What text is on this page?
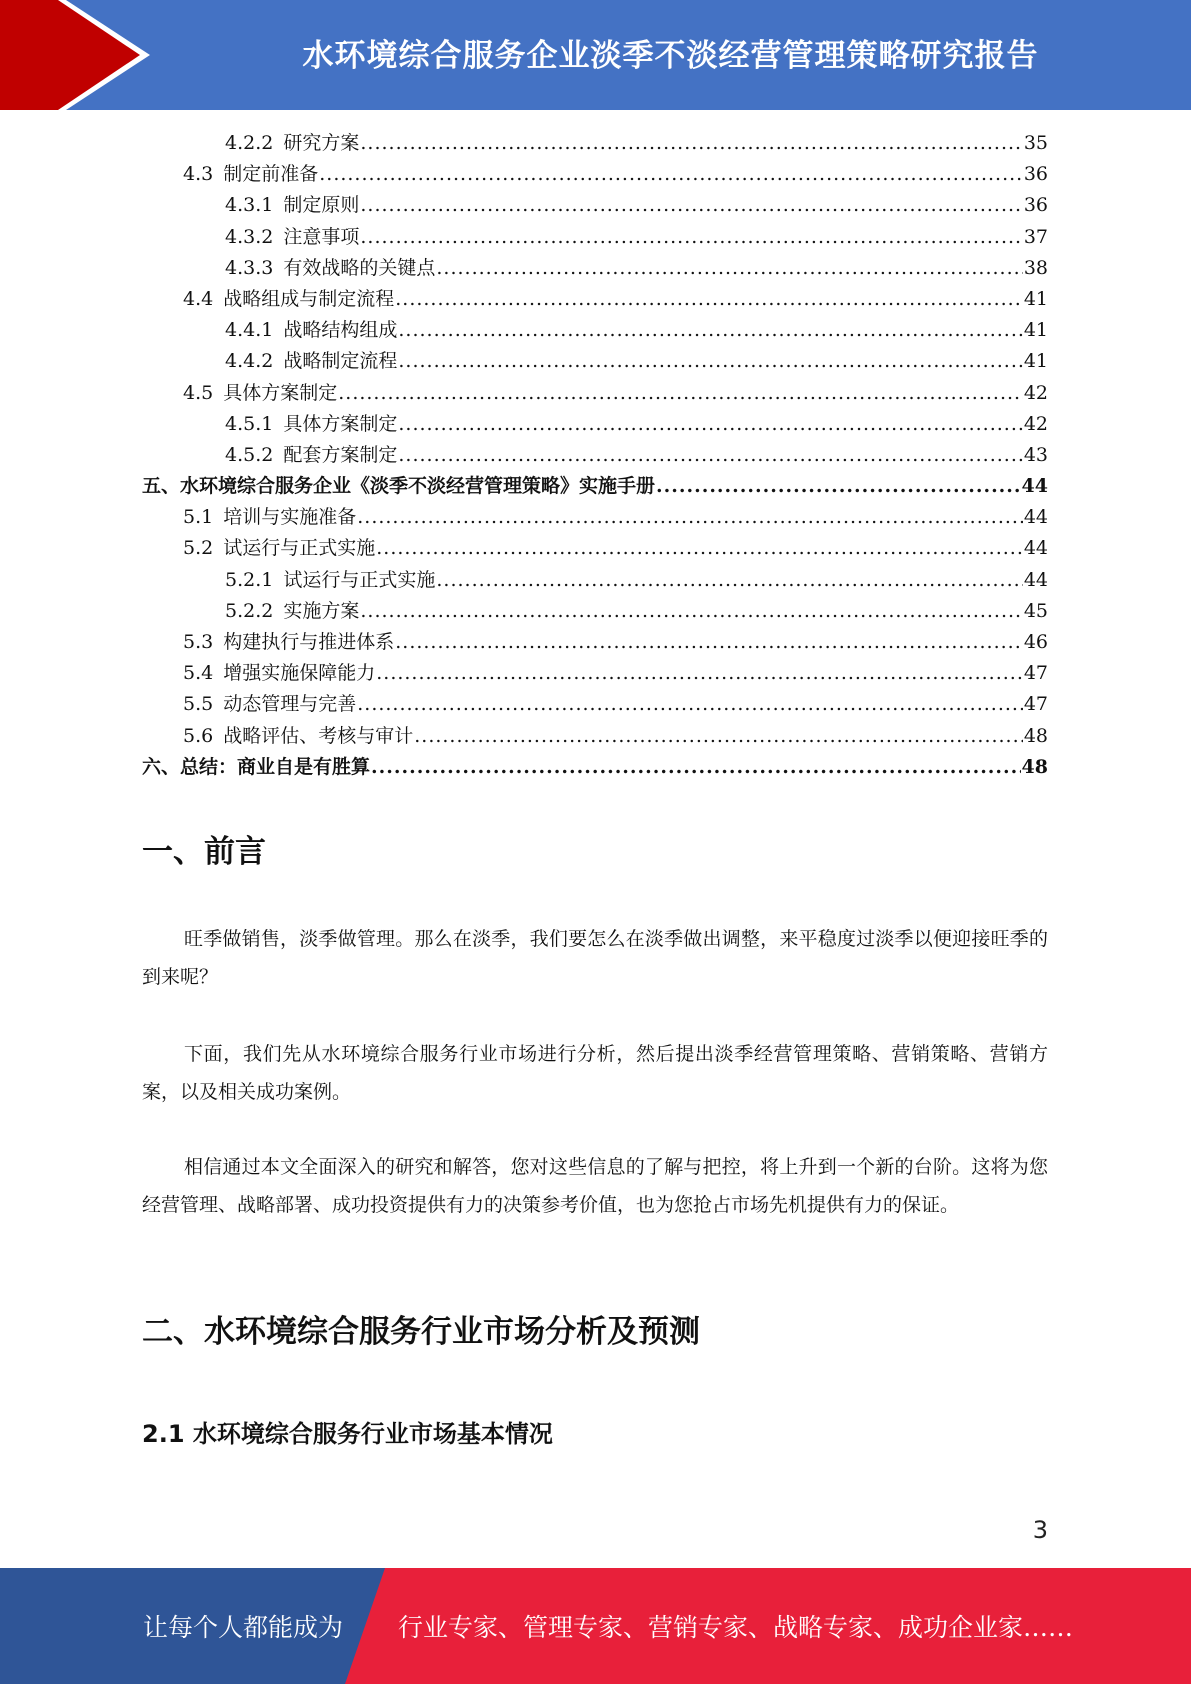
水环境综合服务企业淡季不淡经营管理策略研究报告
4.2.2 研究方案 .....	35
4.3 制定前准备 .....	36
4.3.1 制定原则 .....	36
4.3.2 注意事项 .....	37
4.3.3 有效战略的关键点 .....	38
4.4 战略组成与制定流程 .....	41
4.4.1 战略结构组成 .....	41
4.4.2 战略制定流程 .....	41
4.5 具体方案制定 .....	42
4.5.1 具体方案制定 .....	42
4.5.2 配套方案制定 .....	43
五、水环境综合服务企业《淡季不淡经营管理策略》实施手册 .....	44
5.1 培训与实施准备 .....	44
5.2 试运行与正式实施 .....	44
5.2.1 试运行与正式实施 .....	44
5.2.2 实施方案 .....	45
5.3 构建执行与推进体系 .....	46
5.4 增强实施保障能力 .....	47
5.5 动态管理与完善 .....	47
5.6 战略评估、考核与审计 .....	48
六、总结：商业自是有胜算 .....	48
一、前言

旺季做销售，淡季做管理。那么在淡季，我们要怎么在淡季做出调整，来平稳度过淡季以便迎接旺季的到来呢？

下面，我们先从水环境综合服务行业市场进行分析，然后提出淡季经营管理策略、营销策略、营销方案，以及相关成功案例。

相信通过本文全面深入的研究和解答，您对这些信息的了解与把控，将上升到一个新的台阶。这将为您经营管理、战略部署、成功投资提供有力的决策参考价值，也为您抢占市场先机提供有力的保证。

二、水环境综合服务行业市场分析及预测
2.1 水环境综合服务行业市场基本情况
3
让每个人都能成为 行业专家、管理专家、营销专家、战略专家、成功企业家……
